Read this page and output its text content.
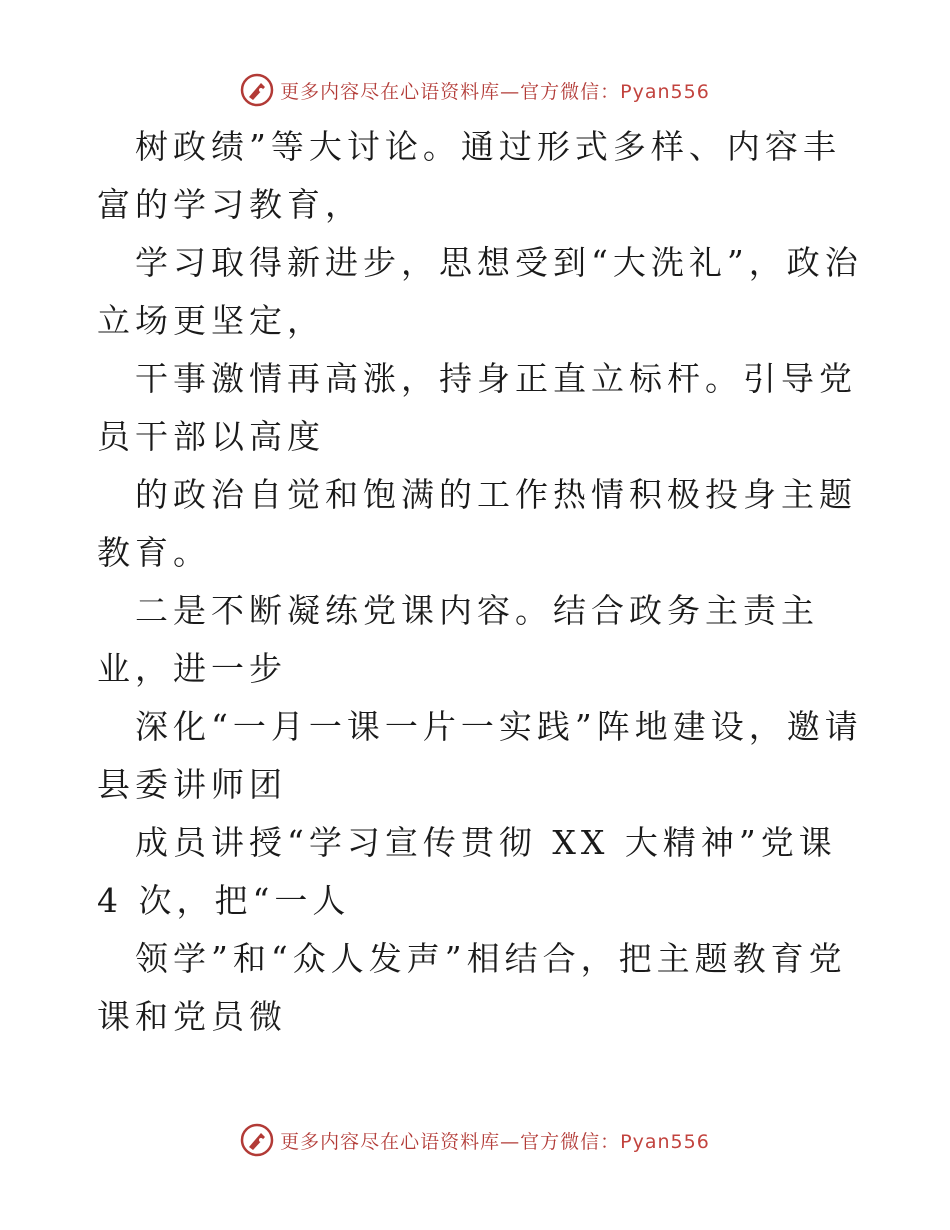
更多内容尽在心语资料库—官方微信：Pyan556

树政绩”等大讨论。通过形式多样、内容丰富的学习教育，

学习取得新进步，思想受到“大洗礼”，政治立场更坚定，

干事激情再高涨，持身正直立标杆。引导党员干部以高度

的政治自觉和饱满的工作热情积极投身主题教育。

二是不断凝练党课内容。结合政务主责主业，进一步

深化“一月一课一片一实践”阵地建设，邀请县委讲师团

成员讲授“学习宣传贯彻 XX 大精神”党课 4 次，把“一人

领学”和“众人发声”相结合，把主题教育党课和党员微

更多内容尽在心语资料库—官方微信：Pyan556
